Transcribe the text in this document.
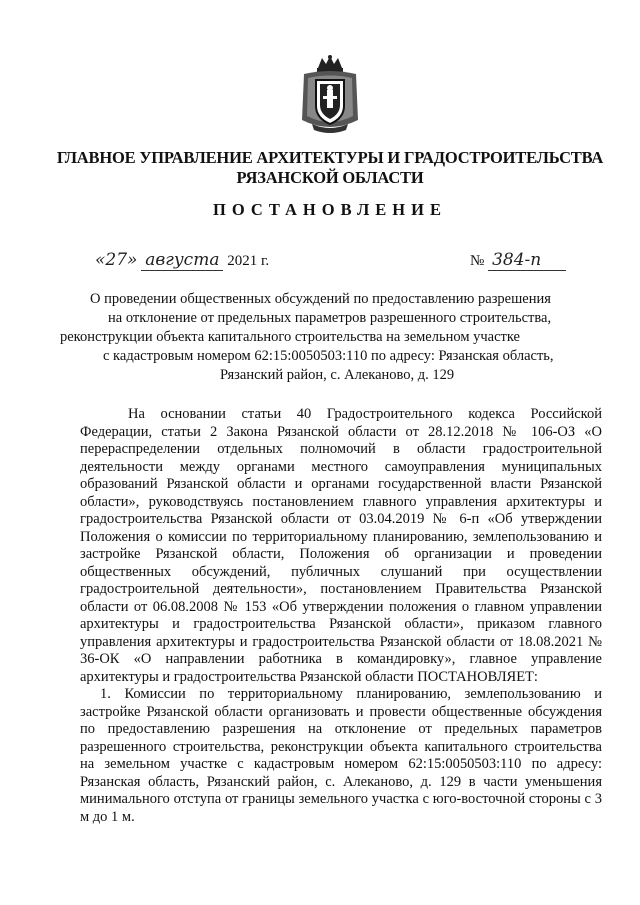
ГЛАВНОЕ УПРАВЛЕНИЕ АРХИТЕКТУРЫ И ГРАДОСТРОИТЕЛЬСТВА
РЯЗАНСКОЙ ОБЛАСТИ
ПОСТАНОВЛЕНИЕ
«27» августа 2021 г.	№ 384-п
О проведении общественных обсуждений по предоставлению разрешения
на отклонение от предельных параметров разрешенного строительства,
реконструкции объекта капитального строительства на земельном участке
с кадастровым номером 62:15:0050503:110 по адресу: Рязанская область,
Рязанский район, с. Алеканово, д. 129

На основании статьи 40 Градостроительного кодекса Российской Федерации, статьи 2 Закона Рязанской области от 28.12.2018 № 106-ОЗ «О перераспределении отдельных полномочий в области градостроительной деятельности между органами местного самоуправления муниципальных образований Рязанской области и органами государственной власти Рязанской области», руководствуясь постановлением главного управления архитектуры и градостроительства Рязанской области от 03.04.2019 № 6-п «Об утверждении Положения о комиссии по территориальному планированию, землепользованию и застройке Рязанской области, Положения об организации и проведении общественных обсуждений, публичных слушаний при осуществлении градостроительной деятельности», постановлением Правительства Рязанской области от 06.08.2008 № 153 «Об утверждении положения о главном управлении архитектуры и градостроительства Рязанской области», приказом главного управления архитектуры и градостроительства Рязанской области от 18.08.2021 № 36-ОК «О направлении работника в командировку», главное управление архитектуры и градостроительства Рязанской области ПОСТАНОВЛЯЕТ:

1. Комиссии по территориальному планированию, землепользованию и застройке Рязанской области организовать и провести общественные обсуждения по предоставлению разрешения на отклонение от предельных параметров разрешенного строительства, реконструкции объекта капитального строительства на земельном участке с кадастровым номером 62:15:0050503:110 по адресу: Рязанская область, Рязанский район, с. Алеканово, д. 129 в части уменьшения минимального отступа от границы земельного участка с юго-восточной стороны с 3 м до 1 м.
